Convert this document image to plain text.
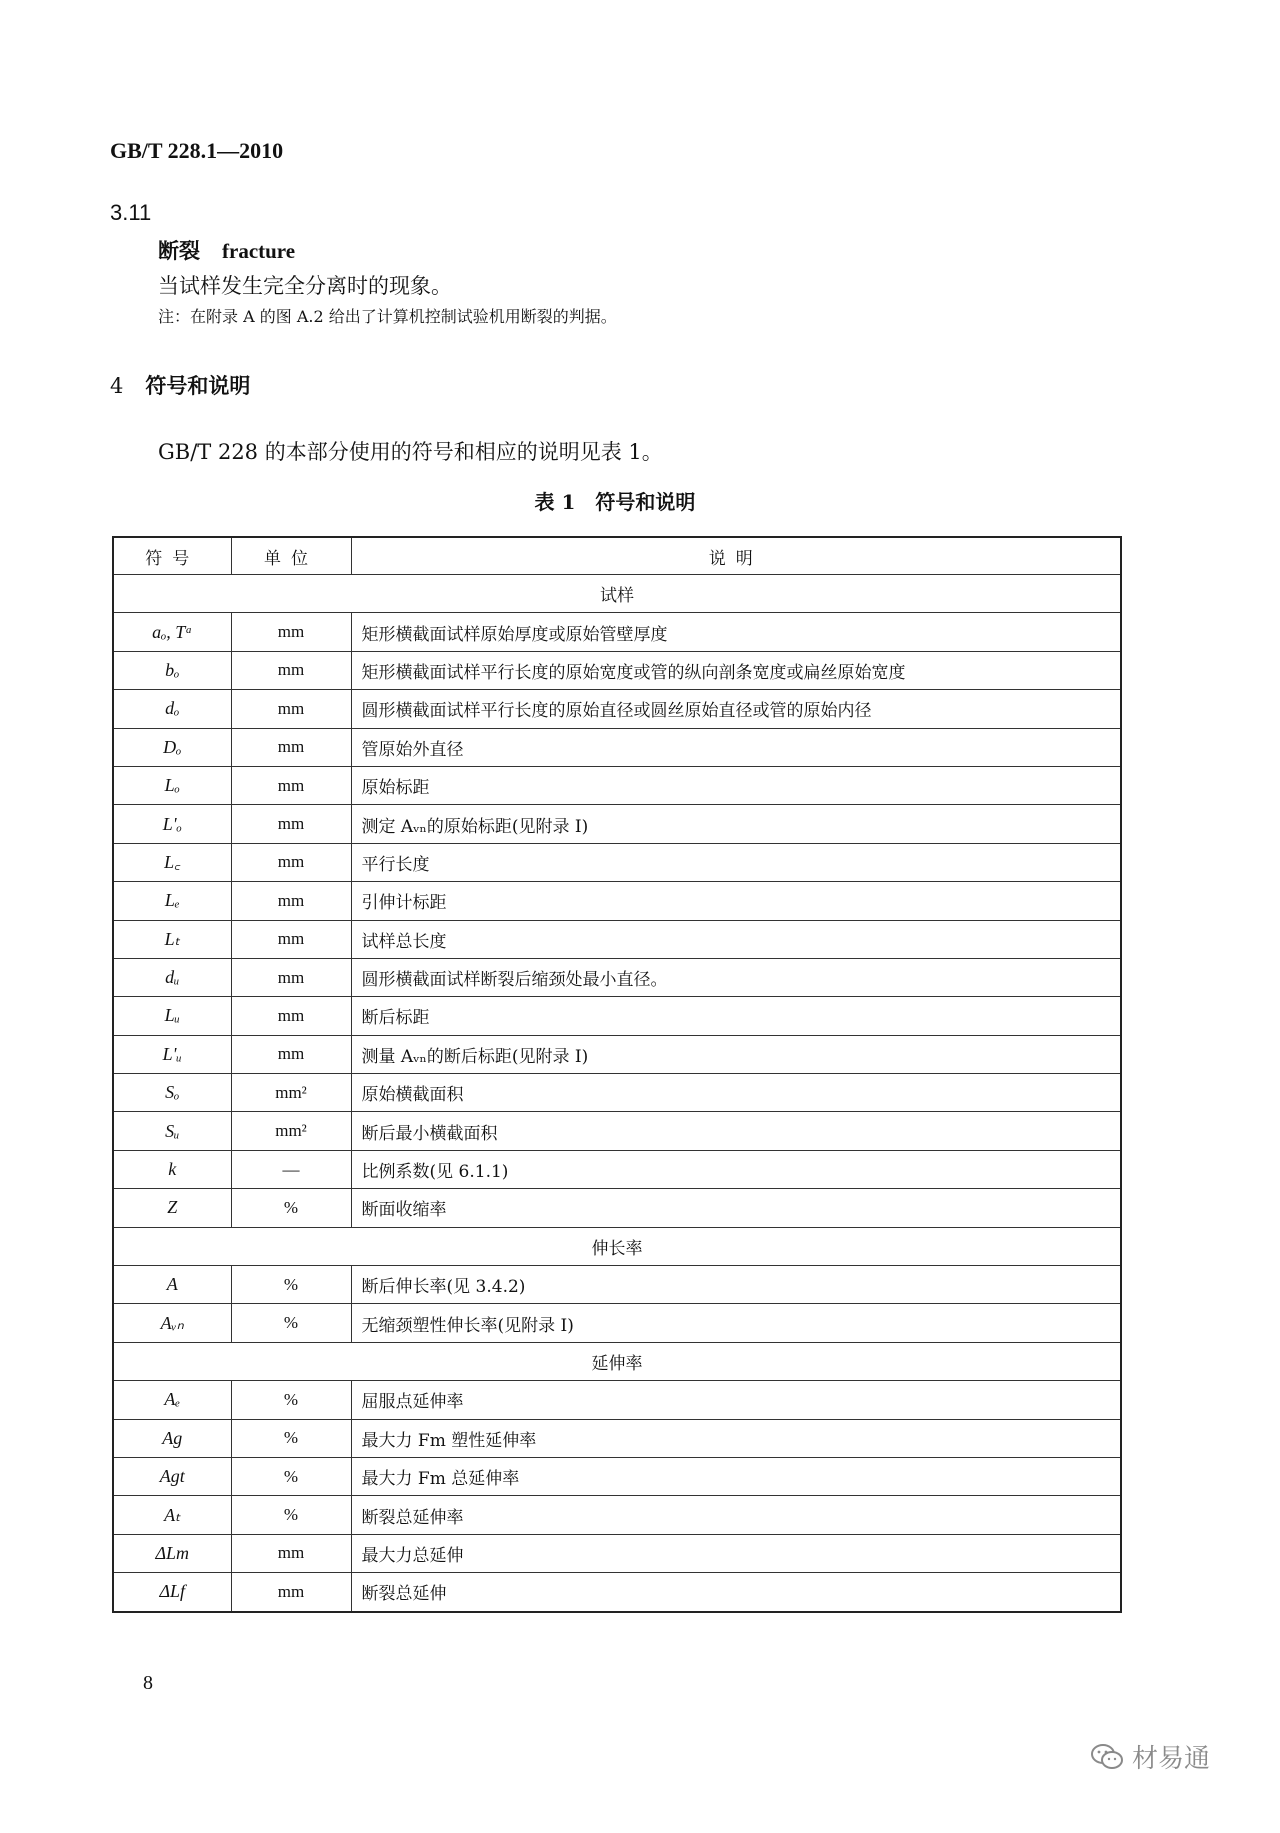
GB/T 228.1—2010
3.11
断裂 fracture
当试样发生完全分离时的现象。
注：在附录 A 的图 A.2 给出了计算机控制试验机用断裂的判据。
4 符号和说明
GB/T 228 的本部分使用的符号和相应的说明见表 1。
表 1　符号和说明
符号	单位	说明
试样		
aₒ, Tᵃ	mm	矩形横截面试样原始厚度或原始管壁厚度
bₒ	mm	矩形横截面试样平行长度的原始宽度或管的纵向剖条宽度或扁丝原始宽度
dₒ	mm	圆形横截面试样平行长度的原始直径或圆丝原始直径或管的原始内径
Dₒ	mm	管原始外直径
Lₒ	mm	原始标距
L'ₒ	mm	测定 Aᵥₙ的原始标距(见附录 I)
L꜀	mm	平行长度
Lₑ	mm	引伸计标距
Lₜ	mm	试样总长度
dᵤ	mm	圆形横截面试样断裂后缩颈处最小直径。
Lᵤ	mm	断后标距
L'ᵤ	mm	测量 Aᵥₙ的断后标距(见附录 I)
Sₒ	mm²	原始横截面积
Sᵤ	mm²	断后最小横截面积
k	—	比例系数(见 6.1.1)
Z	%	断面收缩率
伸长率		
A	%	断后伸长率(见 3.4.2)
Aᵥₙ	%	无缩颈塑性伸长率(见附录 I)
延伸率		
Aₑ	%	屈服点延伸率
Ag	%	最大力 Fm 塑性延伸率
Agt	%	最大力 Fm 总延伸率
Aₜ	%	断裂总延伸率
ΔLm	mm	最大力总延伸
ΔLf	mm	断裂总延伸
8
材易通
